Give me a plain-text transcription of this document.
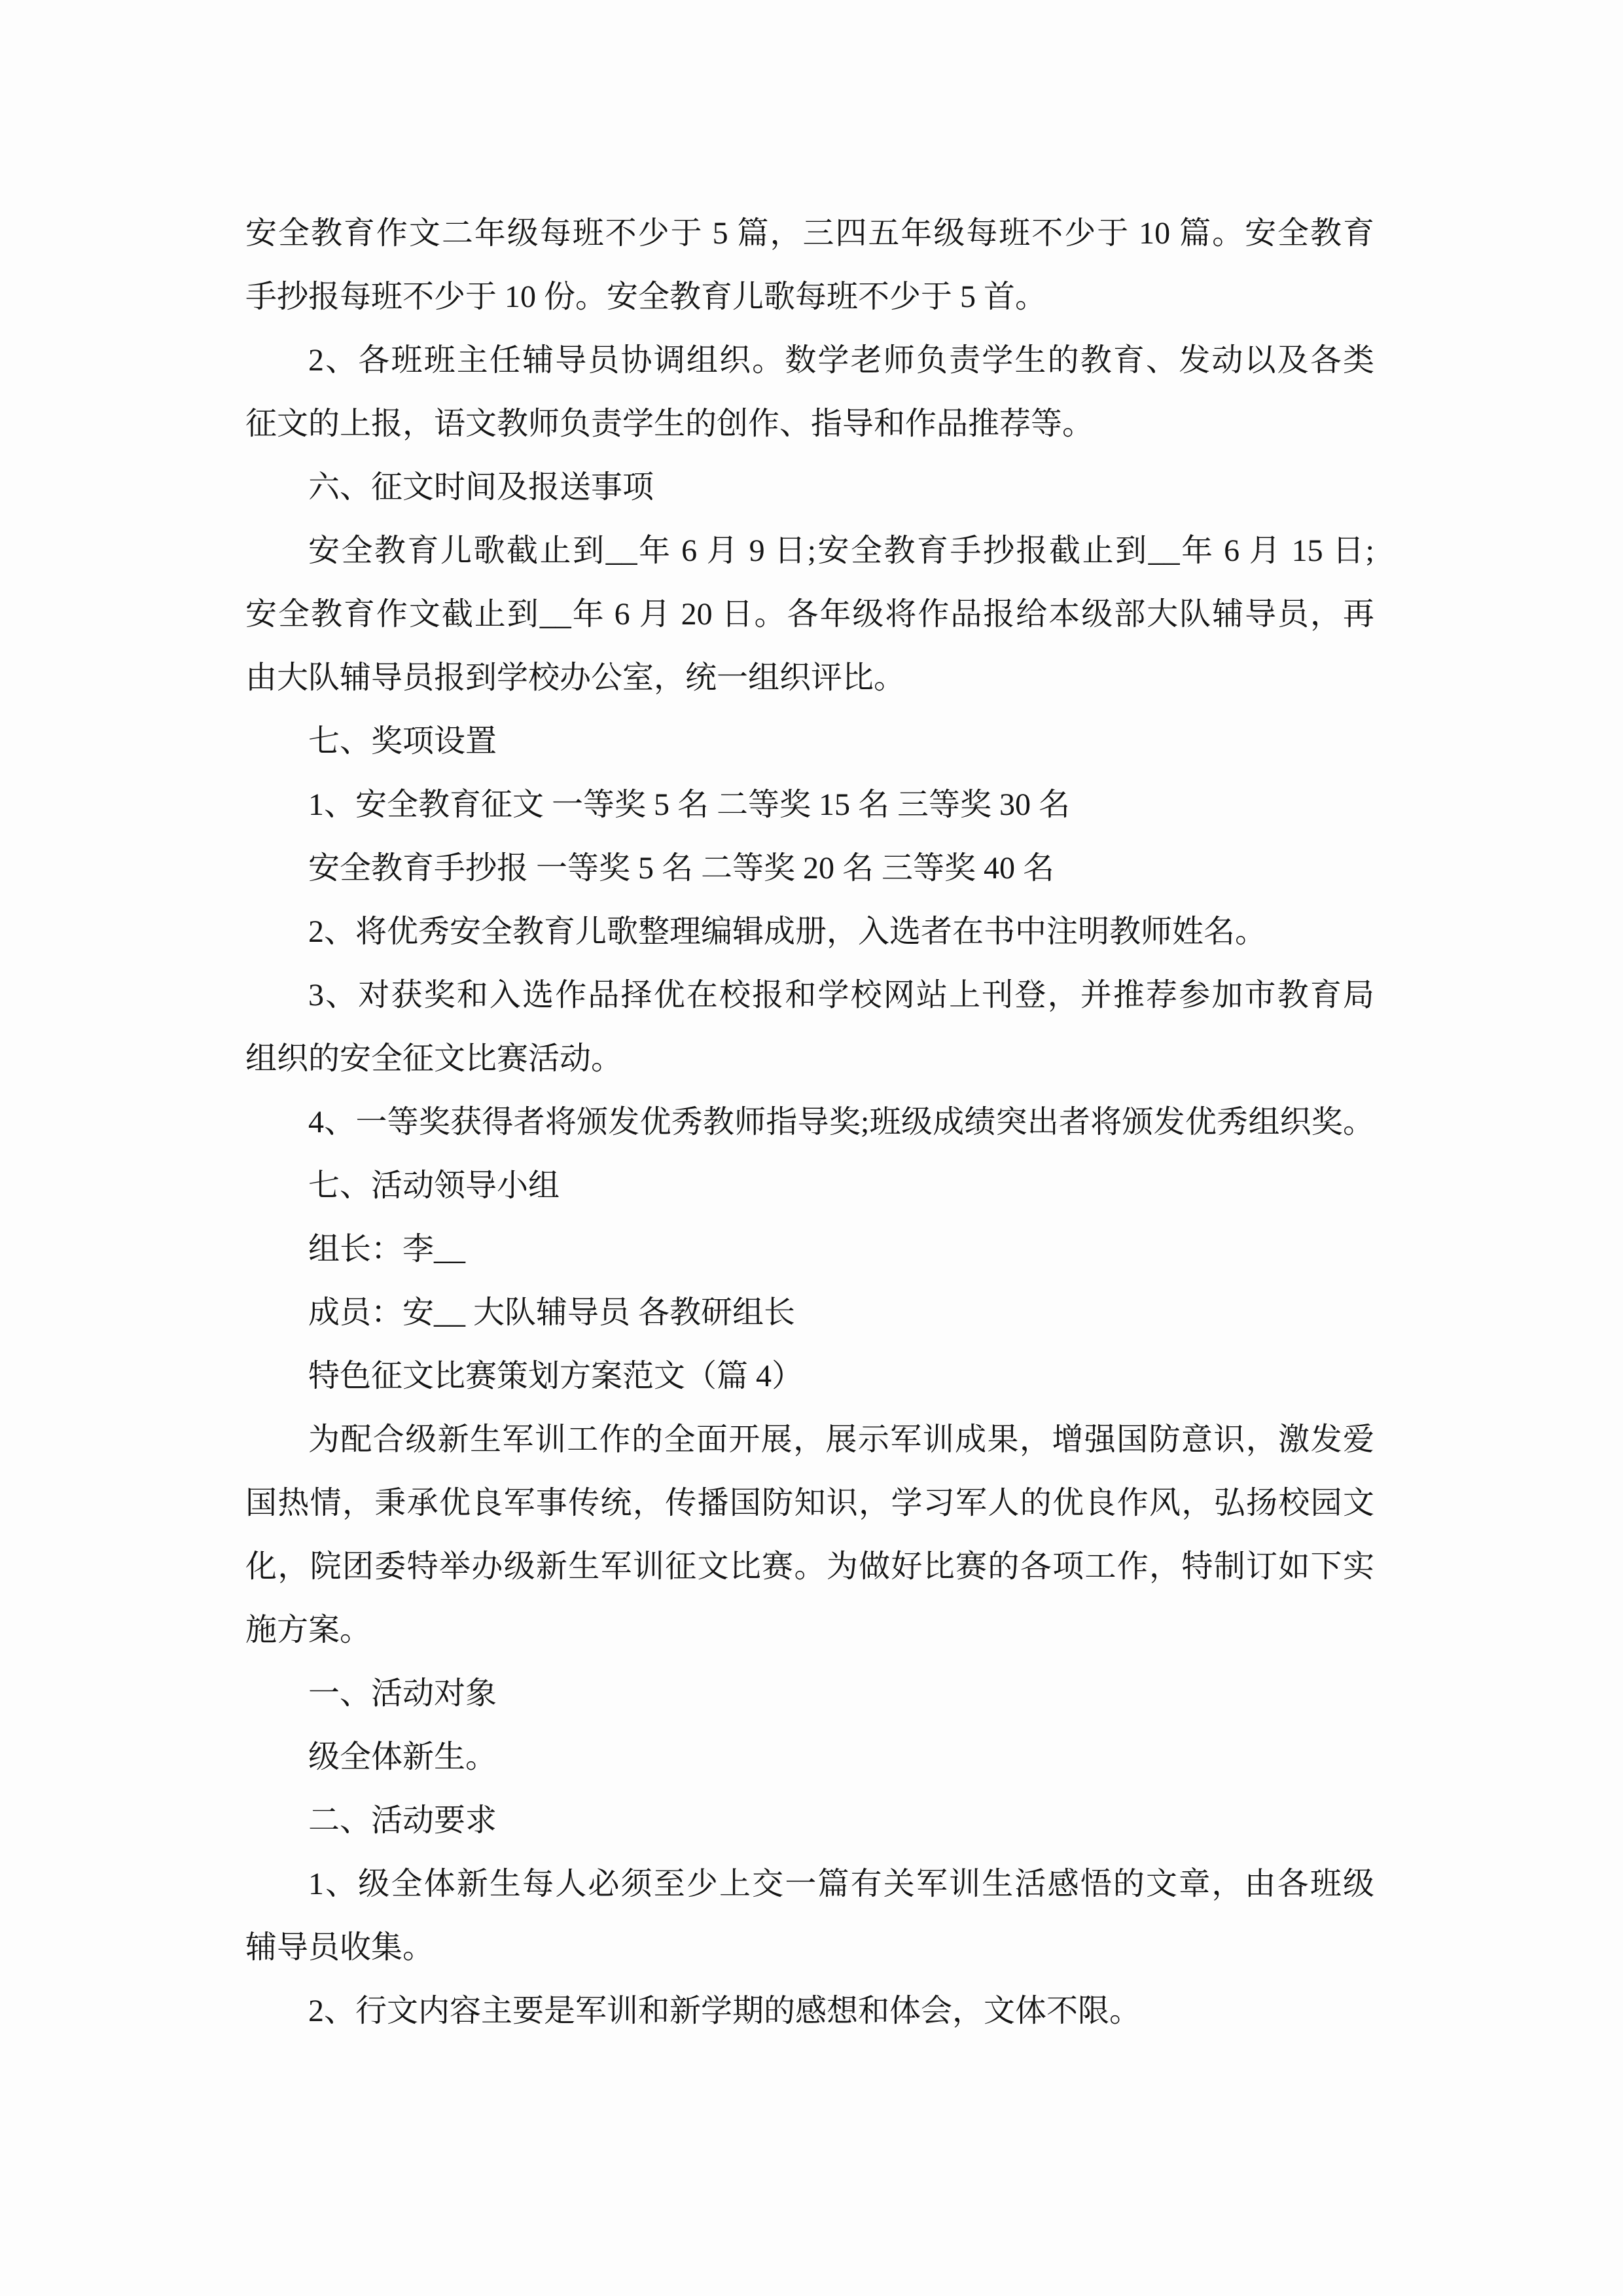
安全教育作文二年级每班不少于 5 篇，三四五年级每班不少于 10 篇。安全教育
手抄报每班不少于 10 份。安全教育儿歌每班不少于 5 首。
2、各班班主任辅导员协调组织。数学老师负责学生的教育、发动以及各类
征文的上报，语文教师负责学生的创作、指导和作品推荐等。
六、征文时间及报送事项
安全教育儿歌截止到__年 6 月 9 日;安全教育手抄报截止到__年 6 月 15 日;
安全教育作文截止到__年 6 月 20 日。各年级将作品报给本级部大队辅导员，再
由大队辅导员报到学校办公室，统一组织评比。
七、奖项设置
1、安全教育征文 一等奖 5 名 二等奖 15 名 三等奖 30 名
安全教育手抄报 一等奖 5 名 二等奖 20 名 三等奖 40 名
2、将优秀安全教育儿歌整理编辑成册，入选者在书中注明教师姓名。
3、对获奖和入选作品择优在校报和学校网站上刊登，并推荐参加市教育局
组织的安全征文比赛活动。
4、一等奖获得者将颁发优秀教师指导奖;班级成绩突出者将颁发优秀组织奖。
七、活动领导小组
组长：李__
成员：安__ 大队辅导员 各教研组长
特色征文比赛策划方案范文（篇 4）
为配合级新生军训工作的全面开展，展示军训成果，增强国防意识，激发爱
国热情，秉承优良军事传统，传播国防知识，学习军人的优良作风，弘扬校园文
化，院团委特举办级新生军训征文比赛。为做好比赛的各项工作，特制订如下实
施方案。
一、活动对象
级全体新生。
二、活动要求
1、级全体新生每人必须至少上交一篇有关军训生活感悟的文章，由各班级
辅导员收集。
2、行文内容主要是军训和新学期的感想和体会，文体不限。
